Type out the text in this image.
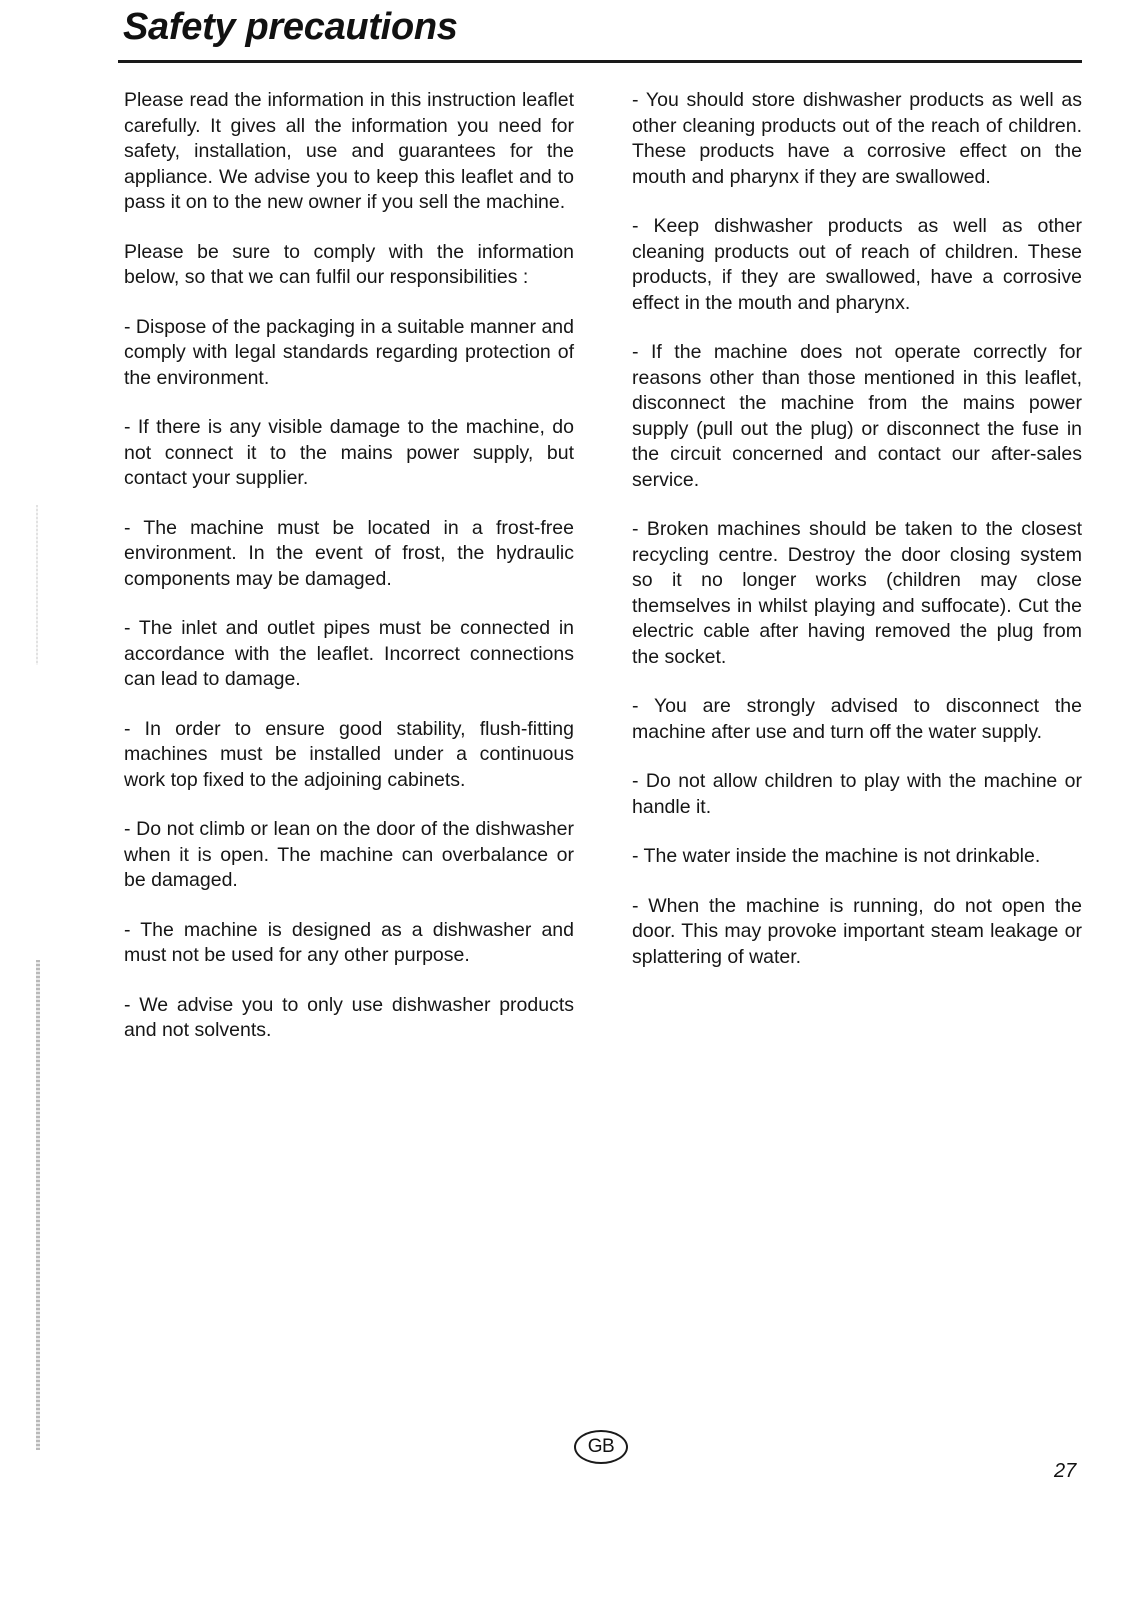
Safety precautions

Please read the information in this instruction leaflet carefully. It gives all the information you need for safety, installation, use and guarantees for the appliance. We advise you to keep this leaflet and to pass it on to the new owner if you sell the machine.

Please be sure to comply with the information below, so that we can fulfil our responsibilities :

- Dispose of the packaging in a suitable manner and comply with legal standards regarding protection of the environment.

- If there is any visible damage to the machine, do not connect it to the mains power supply, but contact your supplier.

- The machine must be located in a frost-free environment. In the event of frost, the hydraulic components may be damaged.

- The inlet and outlet pipes must be connected in accordance with the leaflet. Incorrect connections can lead to damage.

- In order to ensure good stability, flush-fitting machines must be installed under a continuous work top fixed to the adjoining cabinets.

- Do not climb or lean on the door of the dishwasher when it is open. The machine can overbalance or be damaged.

- The machine is designed as a dishwasher and must not be used for any other purpose.

- We advise you to only use dishwasher products and not solvents.

- You should store dishwasher products as well as other cleaning products out of the reach of children. These products have a corrosive effect on the mouth and pharynx if they are swallowed.

- Keep dishwasher products as well as other cleaning products out of reach of children. These products, if they are swallowed, have a corrosive effect in the mouth and pharynx.

- If the machine does not operate correctly for reasons other than those mentioned in this leaflet, disconnect the machine from the mains power supply (pull out the plug) or disconnect the fuse in the circuit concerned and contact our after-sales service.

- Broken machines should be taken to the closest recycling centre. Destroy the door closing system so it no longer works (children may close themselves in whilst playing and suffocate). Cut the electric cable after having removed the plug from the socket.

- You are strongly advised to disconnect the machine after use and turn off the water supply.

- Do not allow children to play with the machine or handle it.

- The water inside the machine is not drinkable.

- When the machine is running, do not open the door. This may provoke important steam leakage or splattering of water.

GB
27
